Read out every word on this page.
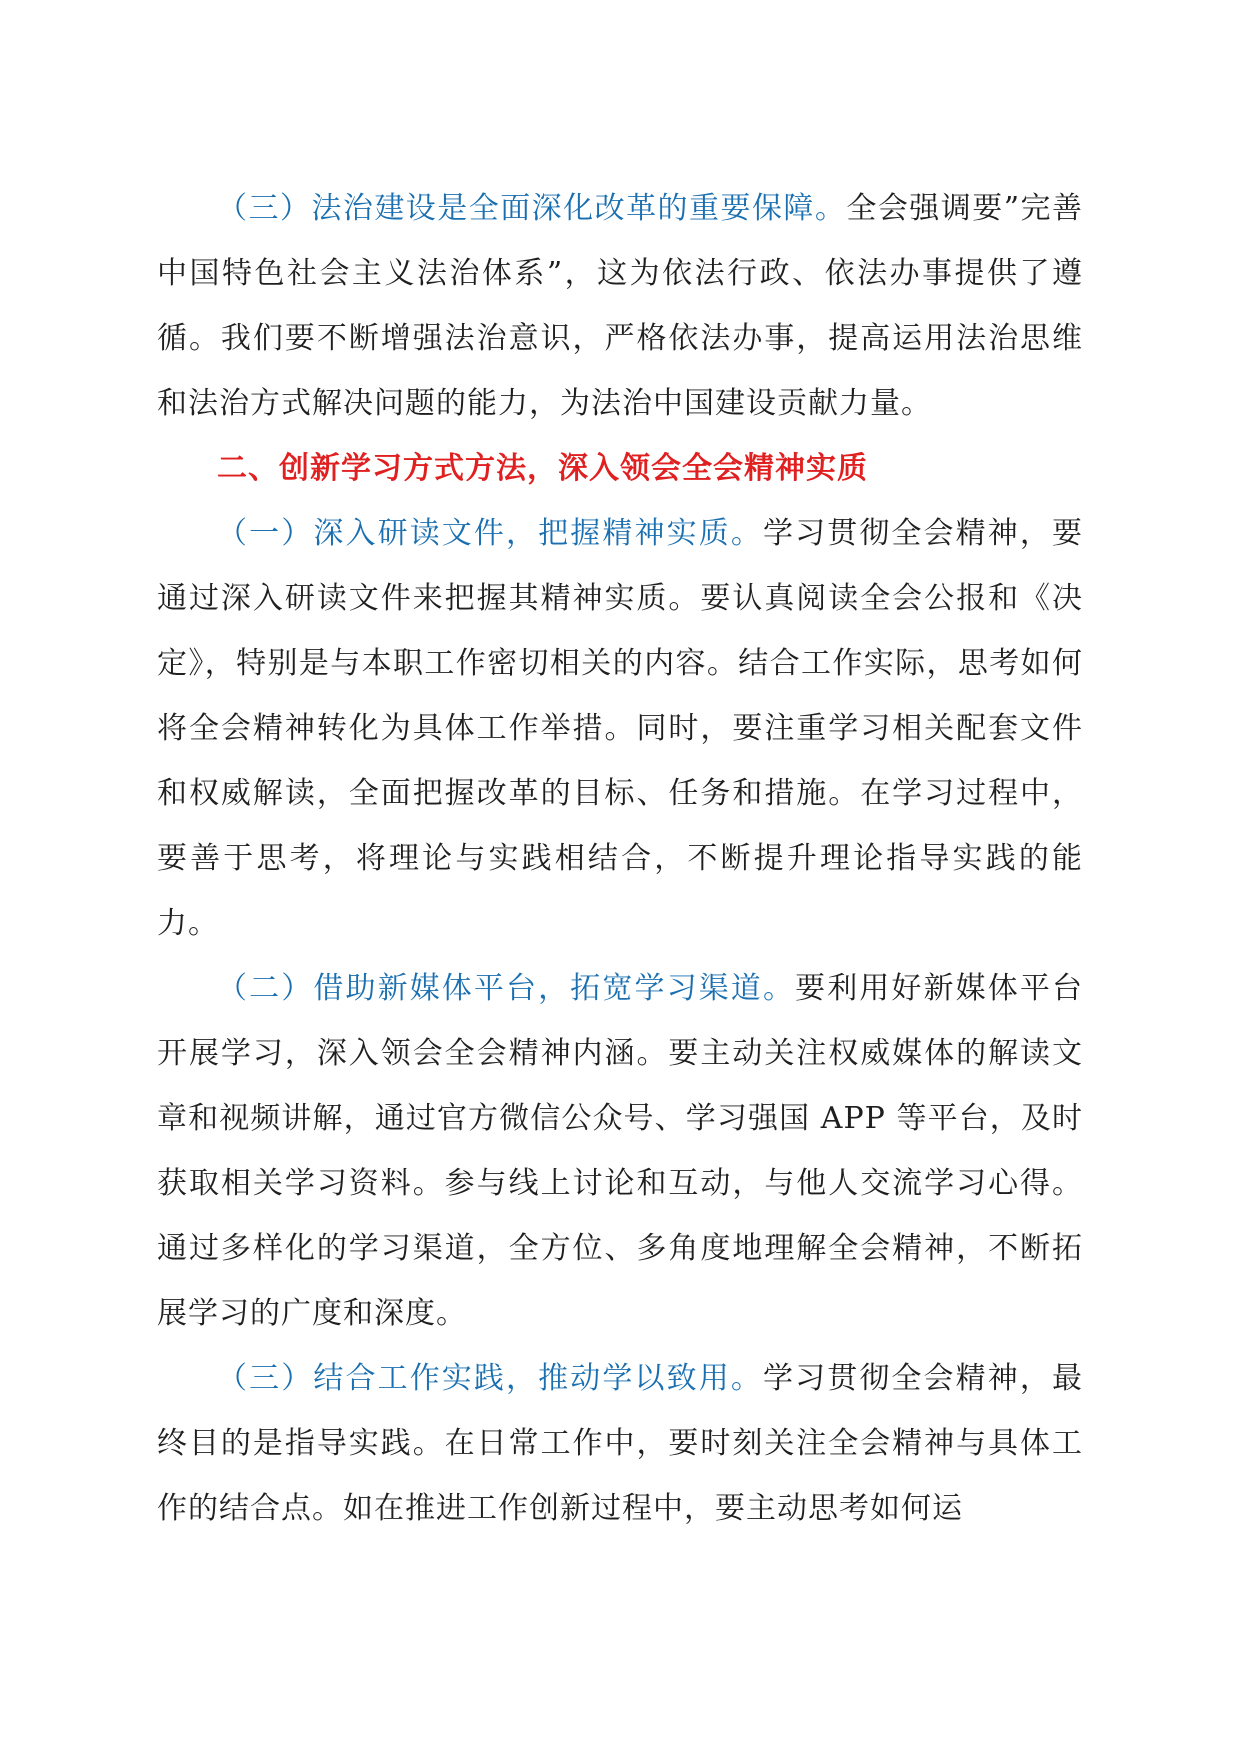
（三）法治建设是全面深化改革的重要保障。全会强调要”完善中国特色社会主义法治体系”，这为依法行政、依法办事提供了遵循。我们要不断增强法治意识，严格依法办事，提高运用法治思维和法治方式解决问题的能力，为法治中国建设贡献力量。

二、创新学习方式方法，深入领会全会精神实质

（一）深入研读文件，把握精神实质。学习贯彻全会精神，要通过深入研读文件来把握其精神实质。要认真阅读全会公报和《决定》，特别是与本职工作密切相关的内容。结合工作实际，思考如何将全会精神转化为具体工作举措。同时，要注重学习相关配套文件和权威解读，全面把握改革的目标、任务和措施。在学习过程中，要善于思考，将理论与实践相结合，不断提升理论指导实践的能力。

（二）借助新媒体平台，拓宽学习渠道。要利用好新媒体平台开展学习，深入领会全会精神内涵。要主动关注权威媒体的解读文章和视频讲解，通过官方微信公众号、学习强国 APP 等平台，及时获取相关学习资料。参与线上讨论和互动，与他人交流学习心得。通过多样化的学习渠道，全方位、多角度地理解全会精神，不断拓展学习的广度和深度。

（三）结合工作实践，推动学以致用。学习贯彻全会精神，最终目的是指导实践。在日常工作中，要时刻关注全会精神与具体工作的结合点。如在推进工作创新过程中，要主动思考如何运
